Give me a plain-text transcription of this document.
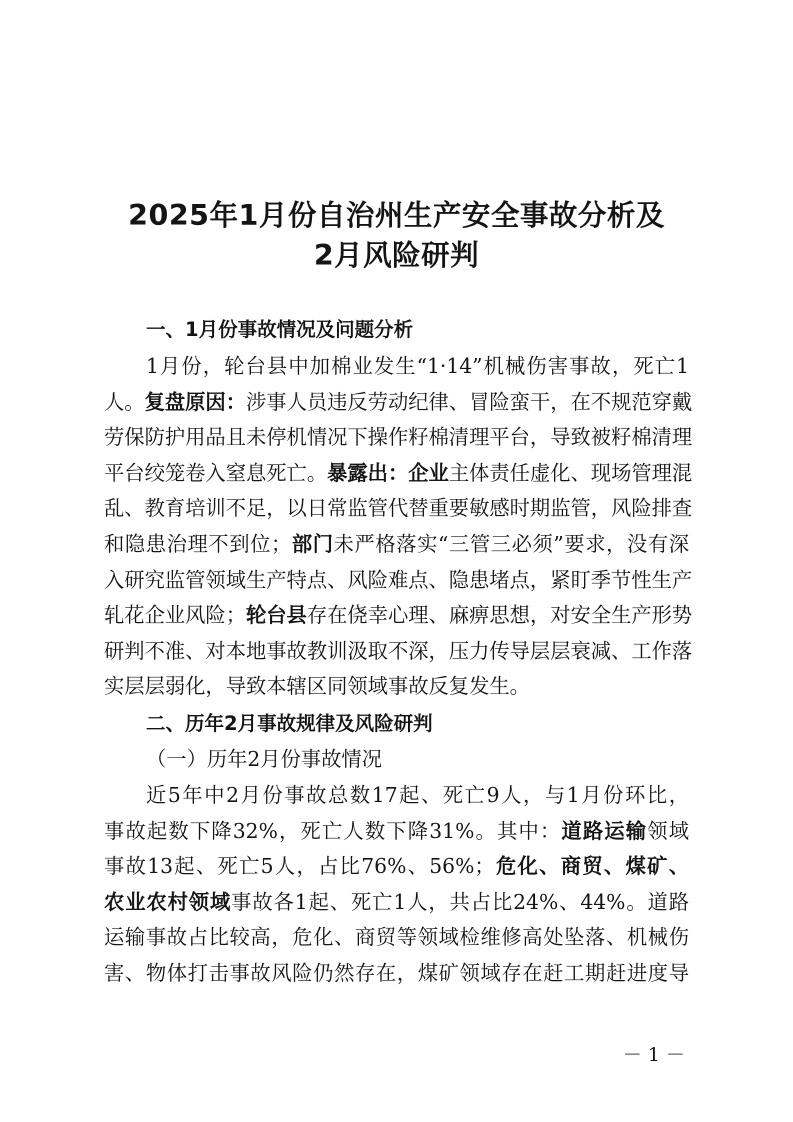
2025年1月份自治州生产安全事故分析及
2月风险研判
一、1月份事故情况及问题分析
1月份，轮台县中加棉业发生“1·14”机械伤害事故，死亡1
人。复盘原因：涉事人员违反劳动纪律、冒险蛮干，在不规范穿戴
劳保防护用品且未停机情况下操作籽棉清理平台，导致被籽棉清理
平台绞笼卷入窒息死亡。暴露出：企业主体责任虚化、现场管理混
乱、教育培训不足，以日常监管代替重要敏感时期监管，风险排查
和隐患治理不到位；部门未严格落实“三管三必须”要求，没有深
入研究监管领域生产特点、风险难点、隐患堵点，紧盯季节性生产
轧花企业风险；轮台县存在侥幸心理、麻痹思想，对安全生产形势
研判不准、对本地事故教训汲取不深，压力传导层层衰减、工作落
实层层弱化，导致本辖区同领域事故反复发生。
二、历年2月事故规律及风险研判
（一）历年2月份事故情况
近5年中2月份事故总数17起、死亡9人，与1月份环比，
事故起数下降32%，死亡人数下降31%。其中：道路运输领域
事故13起、死亡5人，占比76%、56%；危化、商贸、煤矿、
农业农村领域事故各1起、死亡1人，共占比24%、44%。道路
运输事故占比较高，危化、商贸等领域检维修高处坠落、机械伤
害、物体打击事故风险仍然存在，煤矿领域存在赶工期赶进度导
－ 1 －
